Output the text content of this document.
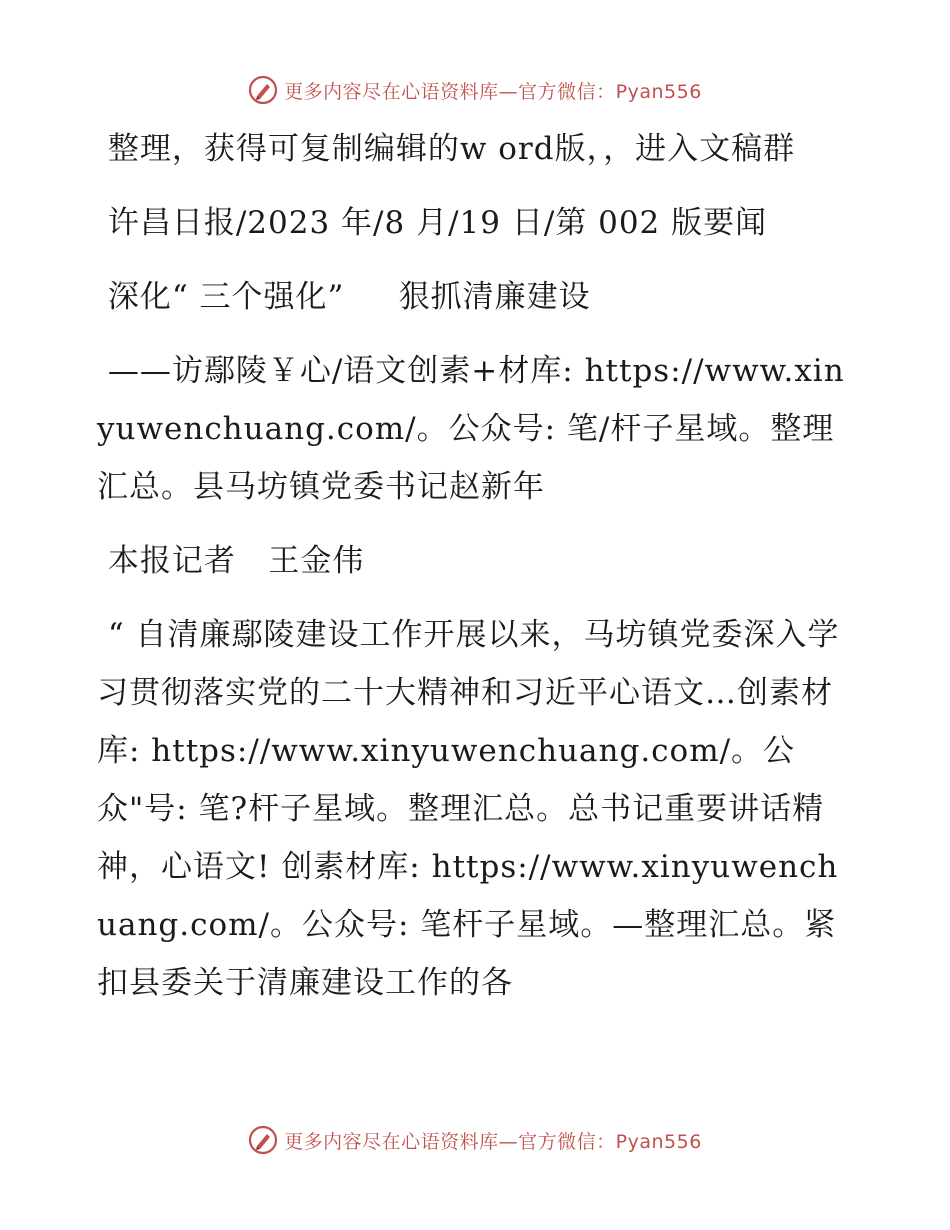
更多内容尽在心语资料库—官方微信：Pyan556

整理，获得可复制编辑的w ord版，，进入文稿群

许昌日报/2023 年/8 月/19 日/第 002 版要闻

深化“ 三个强化”     狠抓清廉建设

——访鄢陵￥心/语文创素+材库: https://www.xinyuwenchuang.com/。公众号: 笔/杆子星域。整理汇总。县马坊镇党委书记赵新年

本报记者   王金伟

“ 自清廉鄢陵建设工作开展以来，马坊镇党委深入学习贯彻落实党的二十大精神和习近平心语文…创素材库: https://www.xinyuwenchuang.com/。公众"号: 笔?杆子星域。整理汇总。总书记重要讲话精神，心语文! 创素材库: https://www.xinyuwenchuang.com/。公众号: 笔杆子星域。—整理汇总。紧扣县委关于清廉建设工作的各

更多内容尽在心语资料库—官方微信：Pyan556
